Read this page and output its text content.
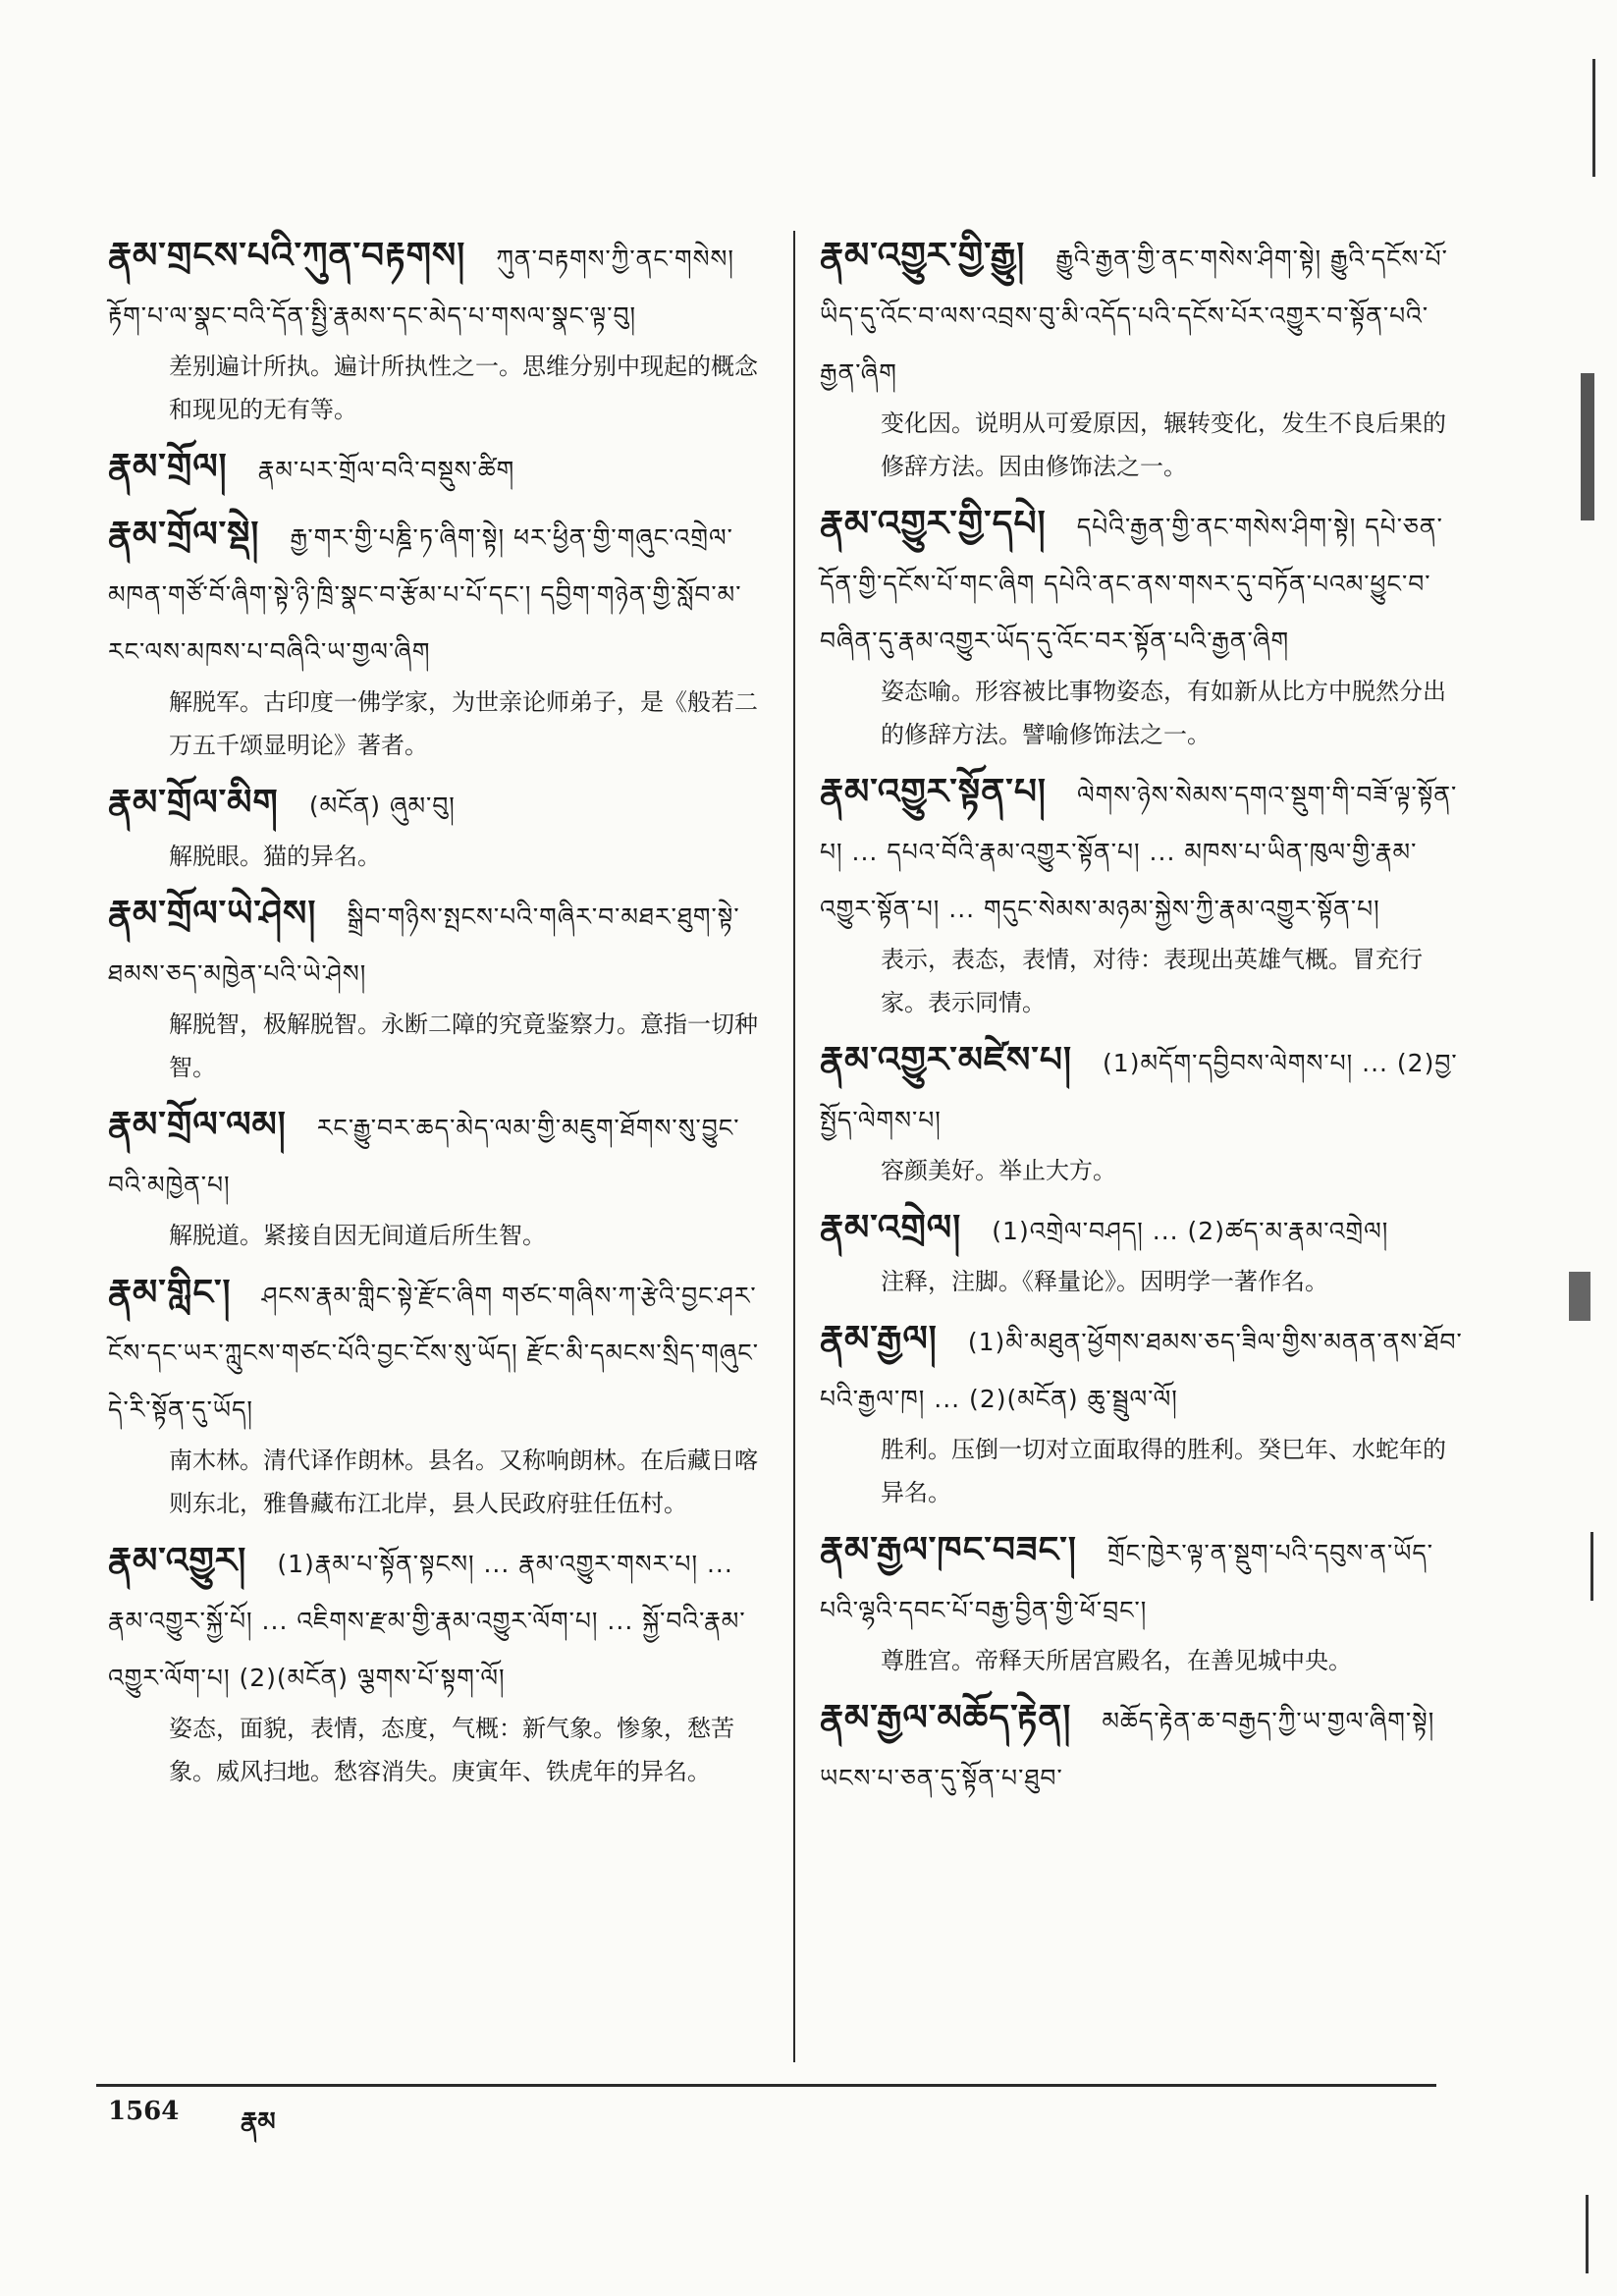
རྣམ་གྲངས་པའི་ཀུན་བརྟགས། ཀུན་བརྟགས་ཀྱི་ནང་གསེས། རྟོག་པ་ལ་སྣང་བའི་དོན་སྤྱི་རྣམས་དང་མེད་པ་གསལ་སྣང་ལྟ་བུ།
差别遍计所执。遍计所执性之一。思维分别中现起的概念和现见的无有等。
རྣམ་གྲོལ། རྣམ་པར་གྲོལ་བའི་བསྡུས་ཚིག
རྣམ་གྲོལ་སྡེ། རྒྱ་གར་གྱི་པཎྜི་ཏ་ཞིག་སྟེ། ཕར་ཕྱིན་གྱི་གཞུང་འགྲེལ་མཁན་གཙོ་བོ་ཞིག་སྟེ་ཉི་ཁྲི་སྣང་བ་རྩོམ་པ་པོ་དང་། དབྱིག་གཉེན་གྱི་སློབ་མ་རང་ལས་མཁས་པ་བཞིའི་ཡ་གྱལ་ཞིག
解脱军。古印度一佛学家，为世亲论师弟子，是《般若二万五千颂显明论》著者。
རྣམ་གྲོལ་མིག (མངོན) ཞུམ་བུ།
解脱眼。猫的异名。
རྣམ་གྲོལ་ཡེ་ཤེས། སྒྲིབ་གཉིས་སྤངས་པའི་གཞིར་བ་མཐར་ཐུག་སྟེ་ཐམས་ཅད་མཁྱེན་པའི་ཡེ་ཤེས།
解脱智，极解脱智。永断二障的究竟鉴察力。意指一切种智。
རྣམ་གྲོལ་ལམ། རང་རྒྱུ་བར་ཆད་མེད་ལམ་གྱི་མཇུག་ཐོགས་སུ་བྱུང་བའི་མཁྱེན་པ།
解脱道。紧接自因无间道后所生智。
རྣམ་གླིང་། ཤངས་རྣམ་གླིང་སྟེ་རྫོང་ཞིག གཙང་གཞིས་ཀ་རྩེའི་བྱང་ཤར་ངོས་དང་ཡར་ཀླུངས་གཙང་པོའི་བྱང་ངོས་སུ་ཡོད། རྫོང་མི་དམངས་སྲིད་གཞུང་དེ་རི་སྟོན་དུ་ཡོད།
南木林。清代译作朗林。县名。又称响朗林。在后藏日喀则东北，雅鲁藏布江北岸，县人民政府驻任伍村。
རྣམ་འགྱུར། (1)རྣམ་པ་སྟོན་སྟངས། ... རྣམ་འགྱུར་གསར་པ། ... རྣམ་འགྱུར་སྐྱོ་པོ། ... འཇིགས་རྫམ་གྱི་རྣམ་འགྱུར་ལོག་པ། ... སྐྱོ་བའི་རྣམ་འགྱུར་ལོག་པ། (2)(མངོན) ལྕགས་པོ་སྟག་ལོ།
姿态，面貌，表情，态度，气概：新气象。惨象，愁苦象。威风扫地。愁容消失。庚寅年、铁虎年的异名。
རྣམ་འགྱུར་གྱི་རྒྱུ། རྒྱུའི་རྒྱན་གྱི་ནང་གསེས་ཤིག་སྟེ། རྒྱུའི་དངོས་པོ་ཡིད་དུ་འོང་བ་ལས་འབྲས་བུ་མི་འདོད་པའི་དངོས་པོར་འགྱུར་བ་སྟོན་པའི་རྒྱན་ཞིག
变化因。说明从可爱原因，辗转变化，发生不良后果的修辞方法。因由修饰法之一。
རྣམ་འགྱུར་གྱི་དཔེ། དཔེའི་རྒྱན་གྱི་ནང་གསེས་ཤིག་སྟེ། དཔེ་ཅན་དོན་གྱི་དངོས་པོ་གང་ཞིག དཔེའི་ནང་ནས་གསར་དུ་བཏོན་པའམ་ཕྱུང་བ་བཞིན་དུ་རྣམ་འགྱུར་ཡོད་དུ་འོང་བར་སྟོན་པའི་རྒྱན་ཞིག
姿态喻。形容被比事物姿态，有如新从比方中脱然分出的修辞方法。譬喻修饰法之一。
རྣམ་འགྱུར་སྟོན་པ། ལེགས་ཉེས་སེམས་དགའ་སྡུག་གི་བཟོ་ལྟ་སྟོན་པ། ... དཔའ་བོའི་རྣམ་འགྱུར་སྟོན་པ། ... མཁས་པ་ཡིན་ཁུལ་གྱི་རྣམ་འགྱུར་སྟོན་པ། ... གདུང་སེམས་མཉམ་སྐྱེས་ཀྱི་རྣམ་འགྱུར་སྟོན་པ།
表示，表态，表情，对待：表现出英雄气概。冒充行家。表示同情。
རྣམ་འགྱུར་མཛེས་པ། (1)མདོག་དབྱིབས་ལེགས་པ། ... (2)བྱ་སྤྱོད་ལེགས་པ།
容颜美好。举止大方。
རྣམ་འགྲེལ། (1)འགྲེལ་བཤད། ... (2)ཚད་མ་རྣམ་འགྲེལ།
注释，注脚。《释量论》。因明学一著作名。
རྣམ་རྒྱལ། (1)མི་མཐུན་ཕྱོགས་ཐམས་ཅད་ཟིལ་གྱིས་མནན་ནས་ཐོབ་པའི་རྒྱལ་ཁ། ... (2)(མངོན) ཆུ་སྦྲུལ་ལོ།
胜利。压倒一切对立面取得的胜利。癸巳年、水蛇年的异名。
རྣམ་རྒྱལ་ཁང་བཟང་། གྲོང་ཁྱེར་ལྟ་ན་སྡུག་པའི་དབུས་ན་ཡོད་པའི་ལྷའི་དབང་པོ་བརྒྱ་བྱིན་གྱི་ཕོ་བྲང་།
尊胜宫。帝释天所居宫殿名，在善见城中央。
རྣམ་རྒྱལ་མཆོད་རྟེན། མཆོད་རྟེན་ཆ་བརྒྱད་ཀྱི་ཡ་གྱལ་ཞིག་སྟེ། ཡངས་པ་ཅན་དུ་སྟོན་པ་ཐུབ་
1564 རྣམ
